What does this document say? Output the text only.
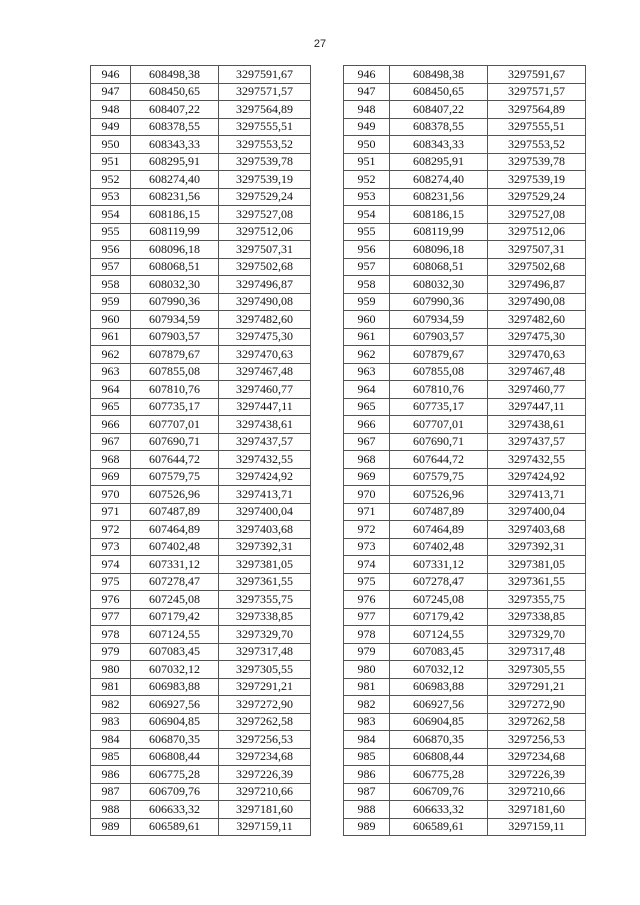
27
946	608498,38	3297591,67
947	608450,65	3297571,57
948	608407,22	3297564,89
949	608378,55	3297555,51
950	608343,33	3297553,52
951	608295,91	3297539,78
952	608274,40	3297539,19
953	608231,56	3297529,24
954	608186,15	3297527,08
955	608119,99	3297512,06
956	608096,18	3297507,31
957	608068,51	3297502,68
958	608032,30	3297496,87
959	607990,36	3297490,08
960	607934,59	3297482,60
961	607903,57	3297475,30
962	607879,67	3297470,63
963	607855,08	3297467,48
964	607810,76	3297460,77
965	607735,17	3297447,11
966	607707,01	3297438,61
967	607690,71	3297437,57
968	607644,72	3297432,55
969	607579,75	3297424,92
970	607526,96	3297413,71
971	607487,89	3297400,04
972	607464,89	3297403,68
973	607402,48	3297392,31
974	607331,12	3297381,05
975	607278,47	3297361,55
976	607245,08	3297355,75
977	607179,42	3297338,85
978	607124,55	3297329,70
979	607083,45	3297317,48
980	607032,12	3297305,55
981	606983,88	3297291,21
982	606927,56	3297272,90
983	606904,85	3297262,58
984	606870,35	3297256,53
985	606808,44	3297234,68
986	606775,28	3297226,39
987	606709,76	3297210,66
988	606633,32	3297181,60
989	606589,61	3297159,11
946	608498,38	3297591,67
947	608450,65	3297571,57
948	608407,22	3297564,89
949	608378,55	3297555,51
950	608343,33	3297553,52
951	608295,91	3297539,78
952	608274,40	3297539,19
953	608231,56	3297529,24
954	608186,15	3297527,08
955	608119,99	3297512,06
956	608096,18	3297507,31
957	608068,51	3297502,68
958	608032,30	3297496,87
959	607990,36	3297490,08
960	607934,59	3297482,60
961	607903,57	3297475,30
962	607879,67	3297470,63
963	607855,08	3297467,48
964	607810,76	3297460,77
965	607735,17	3297447,11
966	607707,01	3297438,61
967	607690,71	3297437,57
968	607644,72	3297432,55
969	607579,75	3297424,92
970	607526,96	3297413,71
971	607487,89	3297400,04
972	607464,89	3297403,68
973	607402,48	3297392,31
974	607331,12	3297381,05
975	607278,47	3297361,55
976	607245,08	3297355,75
977	607179,42	3297338,85
978	607124,55	3297329,70
979	607083,45	3297317,48
980	607032,12	3297305,55
981	606983,88	3297291,21
982	606927,56	3297272,90
983	606904,85	3297262,58
984	606870,35	3297256,53
985	606808,44	3297234,68
986	606775,28	3297226,39
987	606709,76	3297210,66
988	606633,32	3297181,60
989	606589,61	3297159,11
